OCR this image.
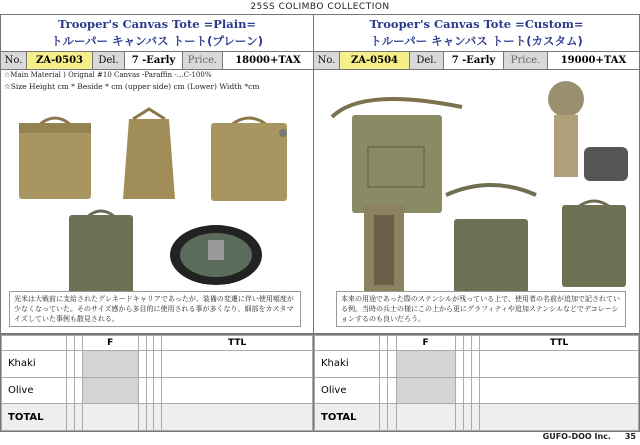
25SS COLIMBO COLLECTION
Trooper's Canvas Tote =Plain=
トルーパー キャンバス トート(プレーン)
No.	ZA-0503	Del.	7 -Early	Price.	18000+TAX
☆Main Material ) Orignal #10 Canvas -Paraffin -…C-100%
☆Size Height cm * Beside * cm (upper side) cm (Lower) Width *cm
光米は大戦前に支給されたグレネードキャリアであったが、装備の変遷に伴い使用頻度が少なくなっていた。そのサイズ感から多目的に使用される事が多くなり、細部をカスタマイズしていた事例も散見される。
Trooper's Canvas Tote =Custom=
トルーパー キャンバス トート(カスタム)
No.	ZA-0504	Del.	7 -Early	Price.	19000+TAX
本来の用途であった際のステンシルが残っている上で、使用者の名前が追加で記されている例。当時の兵士の様にこの上から更にグラフィティや追加ステンシルなどでデコレーションするのも良いだろう。
			F				TTL
Khaki							
Olive							
TOTAL							
			F				TTL
Khaki							
Olive							
TOTAL							
GUFO-DOO Inc. 35
